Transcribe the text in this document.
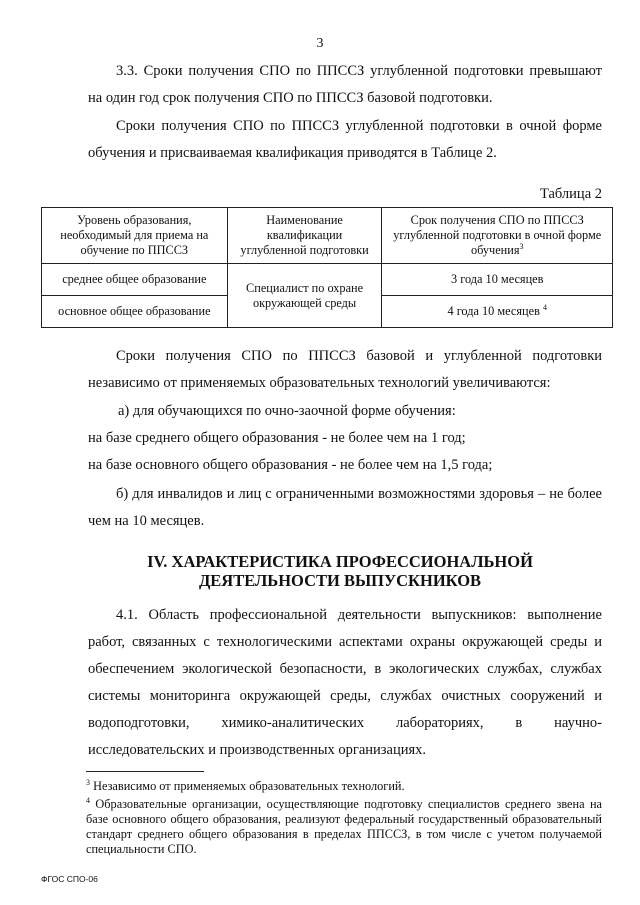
3

3.3. Сроки получения СПО по ППССЗ углубленной подготовки превышают на один год срок получения СПО по ППССЗ базовой подготовки.

Сроки получения СПО по ППССЗ углубленной подготовки в очной форме обучения и присваиваемая квалификация приводятся в Таблице 2.

Таблица 2
Уровень образования, необходимый для приема на обучение по ППССЗ	Наименование квалификации углубленной подготовки	Срок получения СПО по ППССЗ углубленной подготовки в очной форме обучения$^3$
среднее общее образование	Специалист по охране окружающей среды	3 года 10 месяцев
основное общее образование		4 года 10 месяцев $^4$

Сроки получения СПО по ППССЗ базовой и углубленной подготовки независимо от применяемых образовательных технологий увеличиваются:

а) для обучающихся по очно-заочной форме обучения:

на базе среднего общего образования - не более чем на 1 год;

на базе основного общего образования - не более чем на 1,5 года;

б) для инвалидов и лиц с ограниченными возможностями здоровья – не более чем на 10 месяцев.

IV. ХАРАКТЕРИСТИКА ПРОФЕССИОНАЛЬНОЙ ДЕЯТЕЛЬНОСТИ ВЫПУСКНИКОВ

4.1. Область профессиональной деятельности выпускников: выполнение работ, связанных с технологическими аспектами охраны окружающей среды и обеспечением экологической безопасности, в экологических службах, службах системы мониторинга окружающей среды, службах очистных сооружений и водоподготовки, химико-аналитических лабораториях, в научно-исследовательских и производственных организациях.

$^3$ Независимо от применяемых образовательных технологий.

$^4$ Образовательные организации, осуществляющие подготовку специалистов среднего звена на базе основного общего образования, реализуют федеральный государственный образовательный стандарт среднего общего образования в пределах ППССЗ, в том числе с учетом получаемой специальности СПО.

ФГОС СПО-06
